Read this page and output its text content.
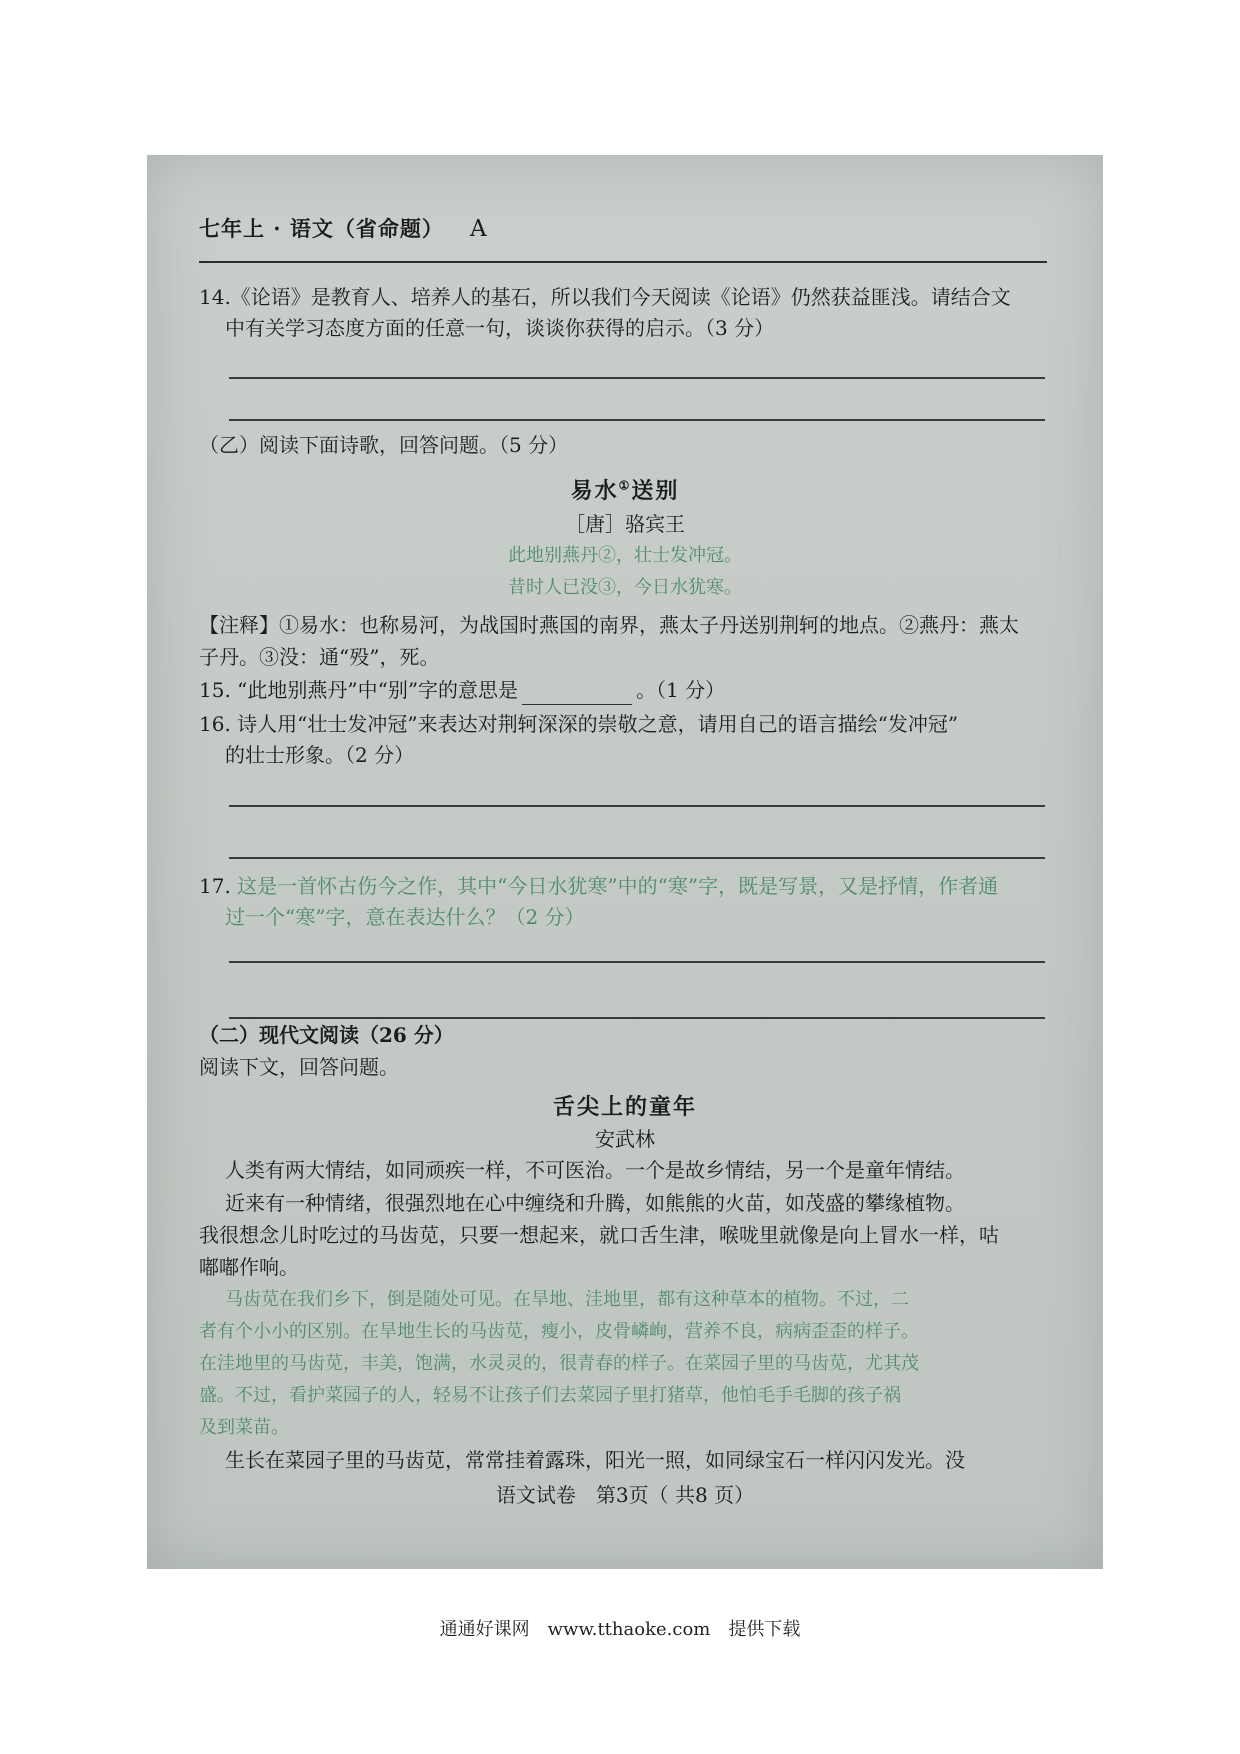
七年上 · 语文（省命题） A
14.《论语》是教育人、培养人的基石，所以我们今天阅读《论语》仍然获益匪浅。请结合文
中有关学习态度方面的任意一句，谈谈你获得的启示。（3 分）
（乙）阅读下面诗歌，回答问题。（5 分）
易水①送别
［唐］骆宾王
此地别燕丹②，壮士发冲冠。
昔时人已没③，今日水犹寒。
【注释】①易水：也称易河，为战国时燕国的南界，燕太子丹送别荆轲的地点。②燕丹：燕太
子丹。③没：通“殁”，死。
15. “此地别燕丹”中“别”字的意思是	。（1 分）
16. 诗人用“壮士发冲冠”来表达对荆轲深深的崇敬之意，请用自己的语言描绘“发冲冠”
的壮士形象。（2 分）
17. 这是一首怀古伤今之作，其中“今日水犹寒”中的“寒”字，既是写景，又是抒情，作者通
过一个“寒”字，意在表达什么？（2 分）
（二）现代文阅读（26 分）
阅读下文，回答问题。
舌尖上的童年
安武林
人类有两大情结，如同顽疾一样，不可医治。一个是故乡情结，另一个是童年情结。
近来有一种情绪，很强烈地在心中缠绕和升腾，如熊熊的火苗，如茂盛的攀缘植物。
我很想念儿时吃过的马齿苋，只要一想起来，就口舌生津，喉咙里就像是向上冒水一样，咕
嘟嘟作响。
马齿苋在我们乡下，倒是随处可见。在旱地、洼地里，都有这种草本的植物。不过，二
者有个小小的区别。在旱地生长的马齿苋，瘦小，皮骨嶙峋，营养不良，病病歪歪的样子。
在洼地里的马齿苋，丰美，饱满，水灵灵的，很青春的样子。在菜园子里的马齿苋，尤其茂
盛。不过，看护菜园子的人，轻易不让孩子们去菜园子里打猪草，他怕毛手毛脚的孩子祸
及到菜苗。
生长在菜园子里的马齿苋，常常挂着露珠，阳光一照，如同绿宝石一样闪闪发光。没
语文试卷　第3页（ 共8 页）
通通好课网　www.tthaoke.com　提供下载
